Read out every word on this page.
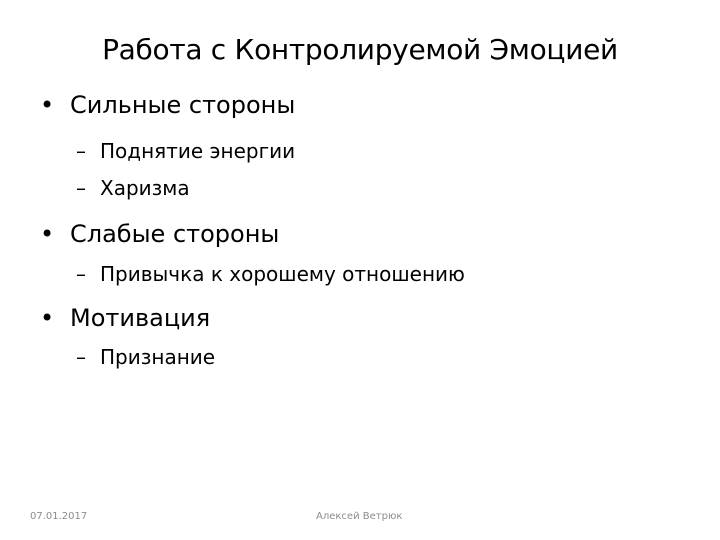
Работа с Контролируемой Эмоцией
• Сильные стороны
– Поднятие энергии
– Харизма
• Слабые стороны
– Привычка к хорошему отношению
• Мотивация
– Признание
07.01.2017	Алексей Ветрюк
